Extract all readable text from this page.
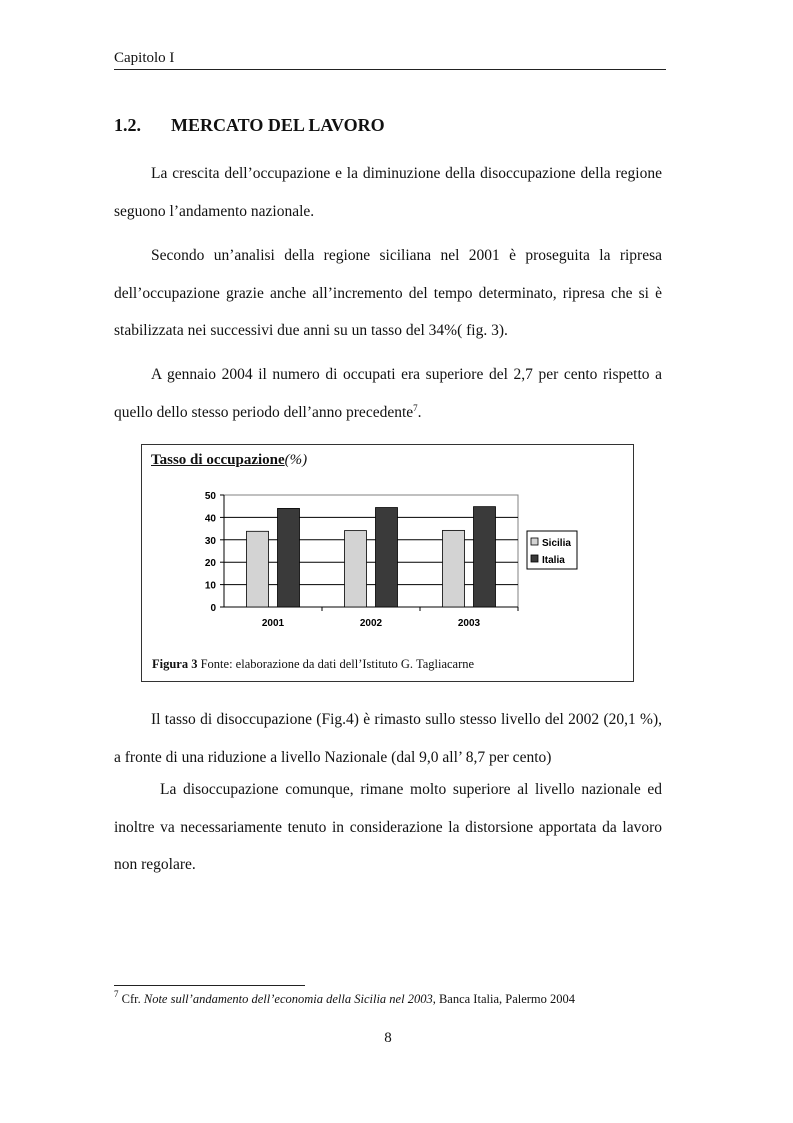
Capitolo I
1.2. MERCATO DEL LAVORO

La crescita dell’occupazione e la diminuzione della disoccupazione della regione seguono l’andamento nazionale.

Secondo un’analisi della regione siciliana nel 2001 è proseguita la ripresa dell’occupazione grazie anche all’incremento del tempo determinato, ripresa che si è stabilizzata nei successivi due anni su un tasso del 34%( fig. 3).

A gennaio 2004 il numero di occupati era superiore del 2,7 per cento rispetto a quello dello stesso periodo dell’anno precedente$^7$.

0
10
20
30
40
50
2001	2002	2003
Sicilia
Italia
Tasso di occupazione(%)
Figura 3 Fonte: elaborazione da dati dell’Istituto G. Tagliacarne

Il tasso di disoccupazione (Fig.4) è rimasto sullo stesso livello del 2002 (20,1 %), a fronte di una riduzione a livello Nazionale (dal 9,0 all’ 8,7 per cento)

La disoccupazione comunque, rimane molto superiore al livello nazionale ed inoltre va necessariamente tenuto in considerazione la distorsione apportata da lavoro non regolare.

$^7$ Cfr. Note sull’andamento dell’economia della Sicilia nel 2003, Banca Italia, Palermo 2004
8
